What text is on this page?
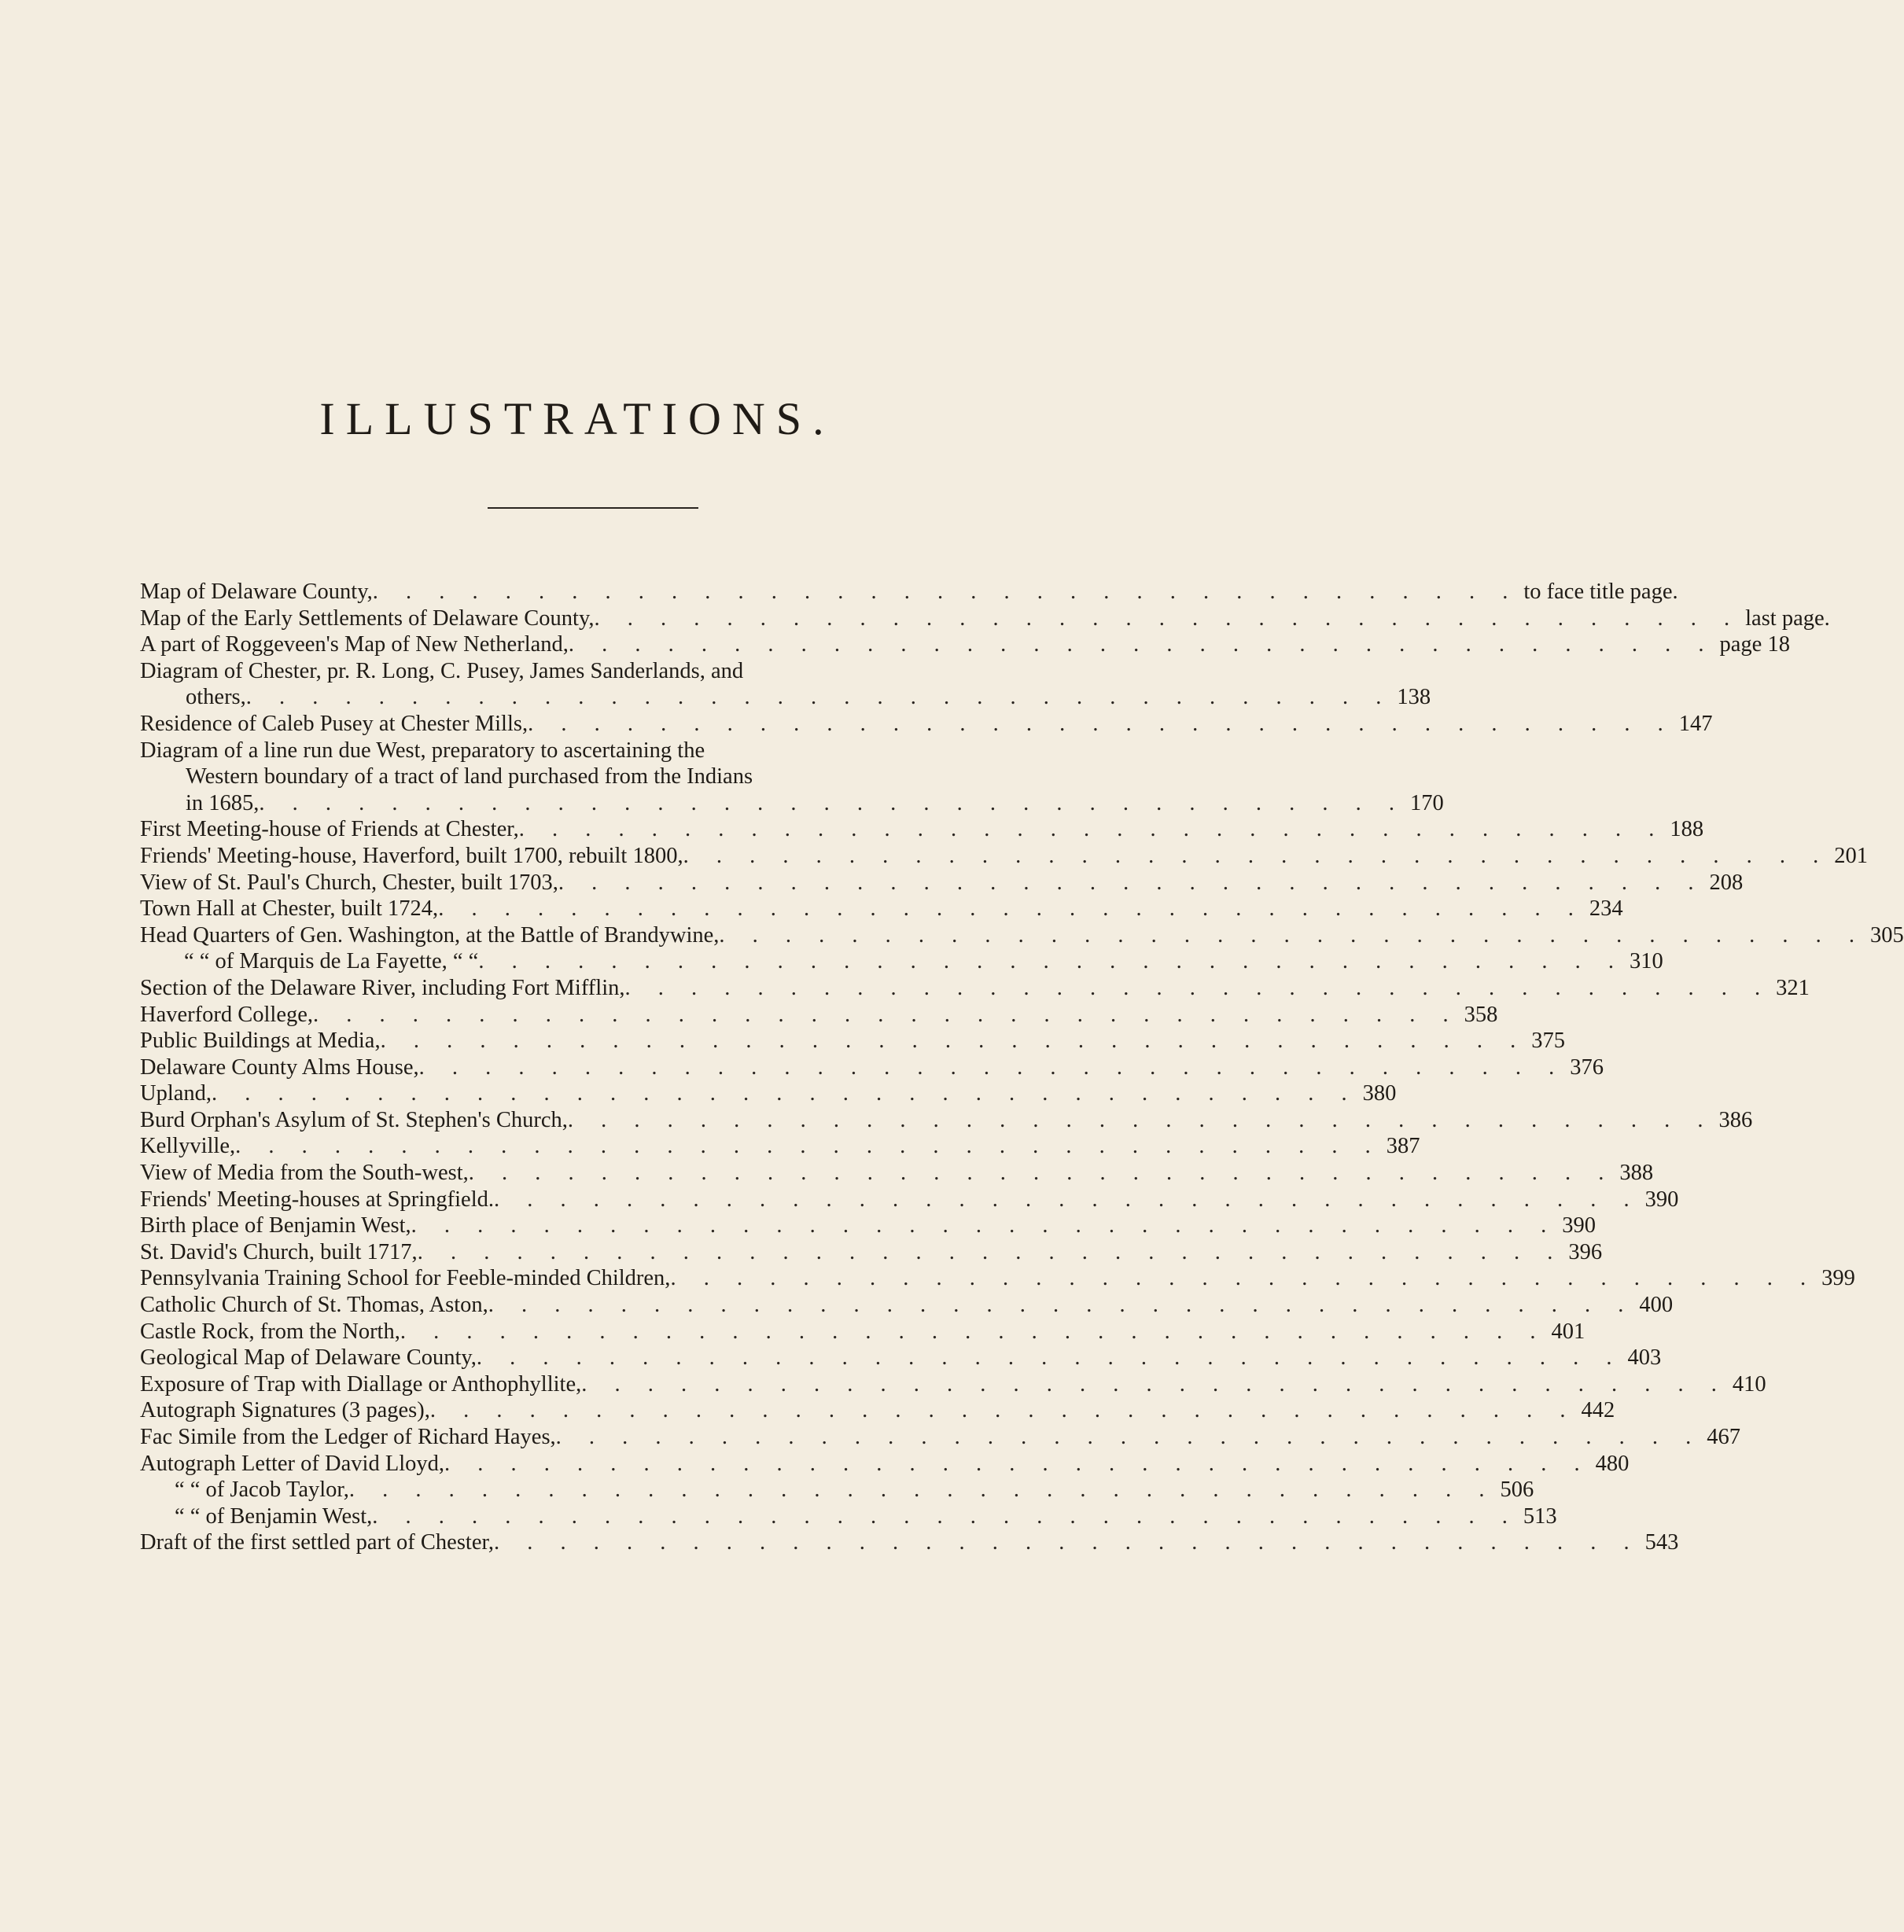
ILLUSTRATIONS.
Map of Delaware County, . . . . . . . . . . . . . . . . . . . . . . . . . . . . . . . . . . . to face title page.
Map of the Early Settlements of Delaware County, . . . . . . . . . . . . . . . . . . . . . . . . . . . . . . . . . . . last page.
A part of Roggeveen's Map of New Netherland, . . . . . . . . . . . . . . . . . . . . . . . . . . . . . . . . . . . page 18
Diagram of Chester, pr. R. Long, C. Pusey, James Sanderlands, and
others, . . . . . . . . . . . . . . . . . . . . . . . . . . . . . . . . . . . 138
Residence of Caleb Pusey at Chester Mills, . . . . . . . . . . . . . . . . . . . . . . . . . . . . . . . . . . . 147
Diagram of a line run due West, preparatory to ascertaining the
Western boundary of a tract of land purchased from the Indians
in 1685, . . . . . . . . . . . . . . . . . . . . . . . . . . . . . . . . . . . 170
First Meeting-house of Friends at Chester, . . . . . . . . . . . . . . . . . . . . . . . . . . . . . . . . . . . 188
Friends' Meeting-house, Haverford, built 1700, rebuilt 1800, . . . . . . . . . . . . . . . . . . . . . . . . . . . . . . . . . . . 201
View of St. Paul's Church, Chester, built 1703, . . . . . . . . . . . . . . . . . . . . . . . . . . . . . . . . . . . 208
Town Hall at Chester, built 1724, . . . . . . . . . . . . . . . . . . . . . . . . . . . . . . . . . . . 234
Head Quarters of Gen. Washington, at the Battle of Brandywine, . . . . . . . . . . . . . . . . . . . . . . . . . . . . . . . . . . . 305
“ “ of Marquis de La Fayette, “ “ . . . . . . . . . . . . . . . . . . . . . . . . . . . . . . . . . . . 310
Section of the Delaware River, including Fort Mifflin, . . . . . . . . . . . . . . . . . . . . . . . . . . . . . . . . . . . 321
Haverford College, . . . . . . . . . . . . . . . . . . . . . . . . . . . . . . . . . . . 358
Public Buildings at Media, . . . . . . . . . . . . . . . . . . . . . . . . . . . . . . . . . . . 375
Delaware County Alms House, . . . . . . . . . . . . . . . . . . . . . . . . . . . . . . . . . . . 376
Upland, . . . . . . . . . . . . . . . . . . . . . . . . . . . . . . . . . . . 380
Burd Orphan's Asylum of St. Stephen's Church, . . . . . . . . . . . . . . . . . . . . . . . . . . . . . . . . . . . 386
Kellyville, . . . . . . . . . . . . . . . . . . . . . . . . . . . . . . . . . . . 387
View of Media from the South-west, . . . . . . . . . . . . . . . . . . . . . . . . . . . . . . . . . . . 388
Friends' Meeting-houses at Springfield. . . . . . . . . . . . . . . . . . . . . . . . . . . . . . . . . . . . 390
Birth place of Benjamin West, . . . . . . . . . . . . . . . . . . . . . . . . . . . . . . . . . . . 390
St. David's Church, built 1717, . . . . . . . . . . . . . . . . . . . . . . . . . . . . . . . . . . . 396
Pennsylvania Training School for Feeble-minded Children, . . . . . . . . . . . . . . . . . . . . . . . . . . . . . . . . . . . 399
Catholic Church of St. Thomas, Aston, . . . . . . . . . . . . . . . . . . . . . . . . . . . . . . . . . . . 400
Castle Rock, from the North, . . . . . . . . . . . . . . . . . . . . . . . . . . . . . . . . . . . 401
Geological Map of Delaware County, . . . . . . . . . . . . . . . . . . . . . . . . . . . . . . . . . . . 403
Exposure of Trap with Diallage or Anthophyllite, . . . . . . . . . . . . . . . . . . . . . . . . . . . . . . . . . . . 410
Autograph Signatures (3 pages), . . . . . . . . . . . . . . . . . . . . . . . . . . . . . . . . . . . 442
Fac Simile from the Ledger of Richard Hayes, . . . . . . . . . . . . . . . . . . . . . . . . . . . . . . . . . . . 467
Autograph Letter of David Lloyd, . . . . . . . . . . . . . . . . . . . . . . . . . . . . . . . . . . . 480
“ “ of Jacob Taylor, . . . . . . . . . . . . . . . . . . . . . . . . . . . . . . . . . . . 506
“ “ of Benjamin West, . . . . . . . . . . . . . . . . . . . . . . . . . . . . . . . . . . . 513
Draft of the first settled part of Chester, . . . . . . . . . . . . . . . . . . . . . . . . . . . . . . . . . . . 543
